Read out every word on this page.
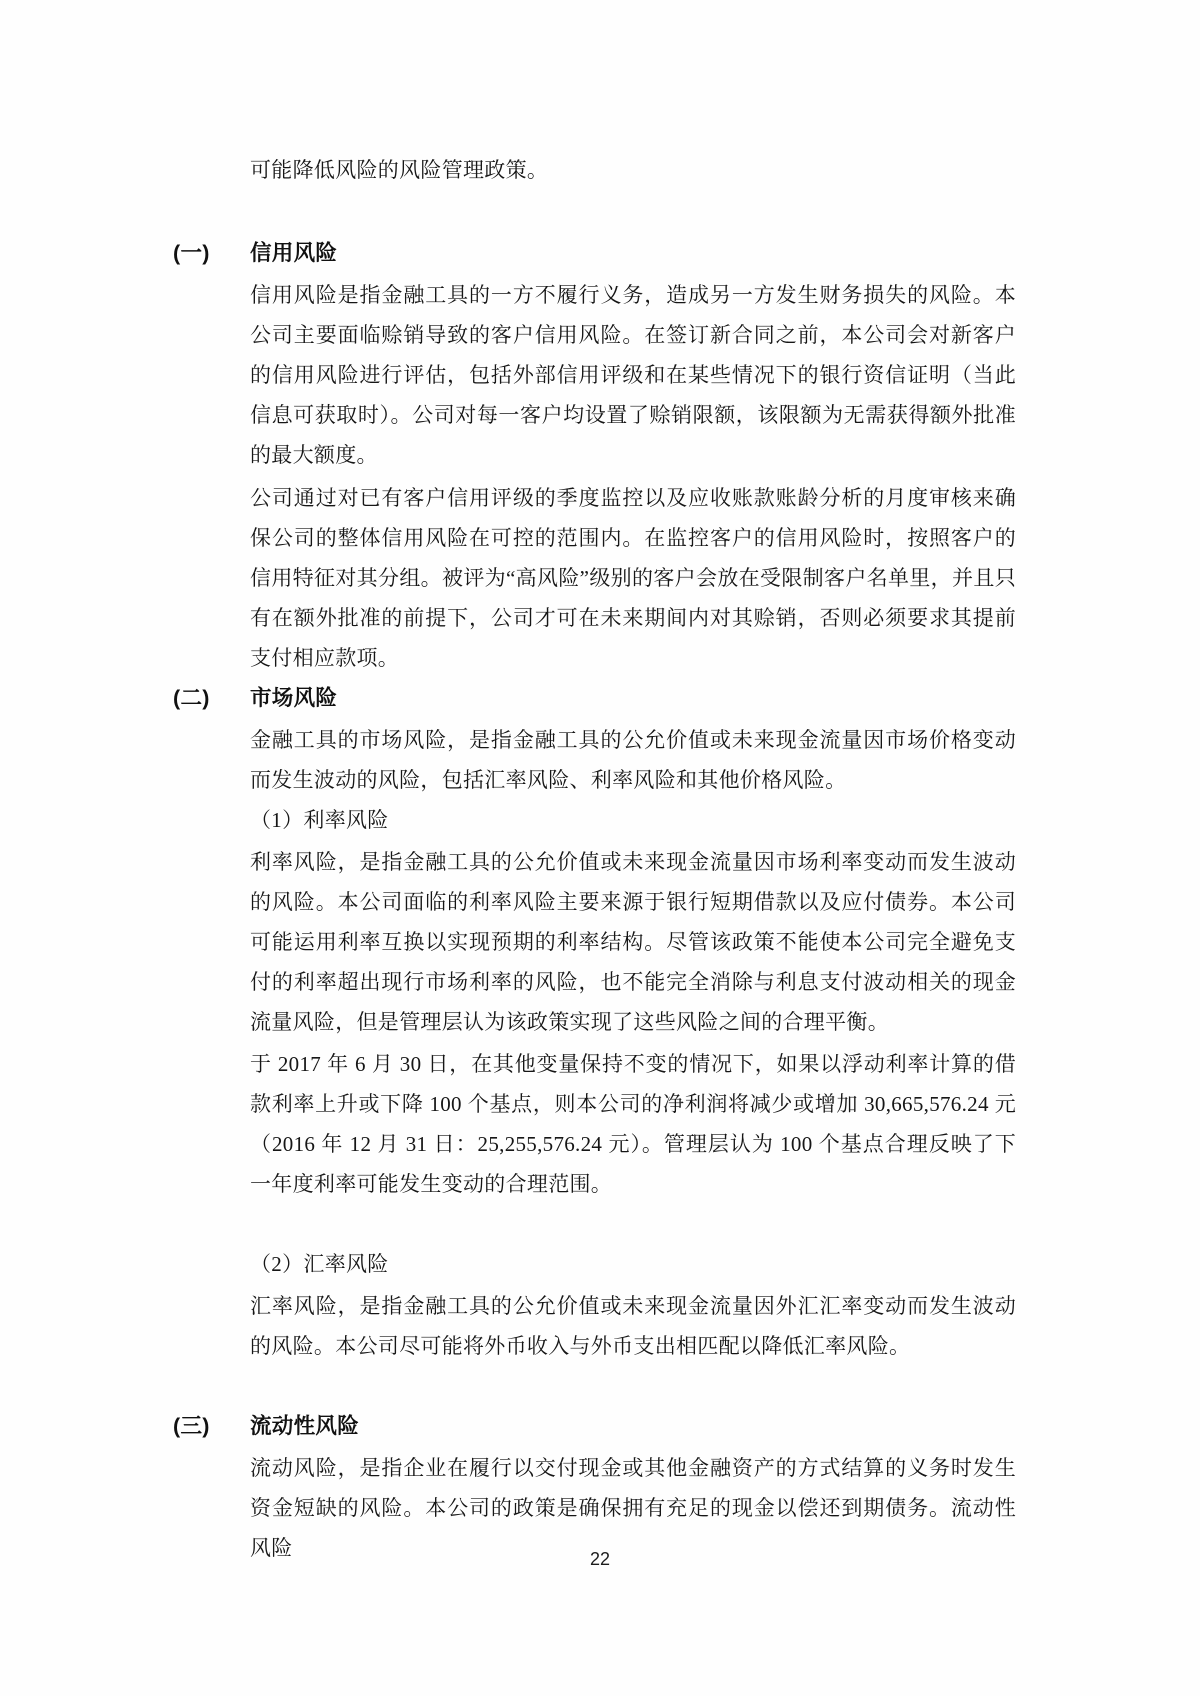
可能降低风险的风险管理政策。

(一) 信用风险

信用风险是指金融工具的一方不履行义务，造成另一方发生财务损失的风险。本公司主要面临赊销导致的客户信用风险。在签订新合同之前，本公司会对新客户的信用风险进行评估，包括外部信用评级和在某些情况下的银行资信证明（当此信息可获取时）。公司对每一客户均设置了赊销限额，该限额为无需获得额外批准的最大额度。

公司通过对已有客户信用评级的季度监控以及应收账款账龄分析的月度审核来确保公司的整体信用风险在可控的范围内。在监控客户的信用风险时，按照客户的信用特征对其分组。被评为“高风险”级别的客户会放在受限制客户名单里，并且只有在额外批准的前提下，公司才可在未来期间内对其赊销，否则必须要求其提前支付相应款项。

(二) 市场风险

金融工具的市场风险，是指金融工具的公允价值或未来现金流量因市场价格变动而发生波动的风险，包括汇率风险、利率风险和其他价格风险。

（1）利率风险

利率风险，是指金融工具的公允价值或未来现金流量因市场利率变动而发生波动的风险。本公司面临的利率风险主要来源于银行短期借款以及应付债券。本公司可能运用利率互换以实现预期的利率结构。尽管该政策不能使本公司完全避免支付的利率超出现行市场利率的风险，也不能完全消除与利息支付波动相关的现金流量风险，但是管理层认为该政策实现了这些风险之间的合理平衡。

于 2017 年 6 月 30 日，在其他变量保持不变的情况下，如果以浮动利率计算的借款利率上升或下降 100 个基点，则本公司的净利润将减少或增加 30,665,576.24 元（2016 年 12 月 31 日：25,255,576.24 元）。管理层认为 100 个基点合理反映了下一年度利率可能发生变动的合理范围。

（2）汇率风险

汇率风险，是指金融工具的公允价值或未来现金流量因外汇汇率变动而发生波动的风险。本公司尽可能将外币收入与外币支出相匹配以降低汇率风险。

(三) 流动性风险

流动风险，是指企业在履行以交付现金或其他金融资产的方式结算的义务时发生资金短缺的风险。本公司的政策是确保拥有充足的现金以偿还到期债务。流动性风险	22
